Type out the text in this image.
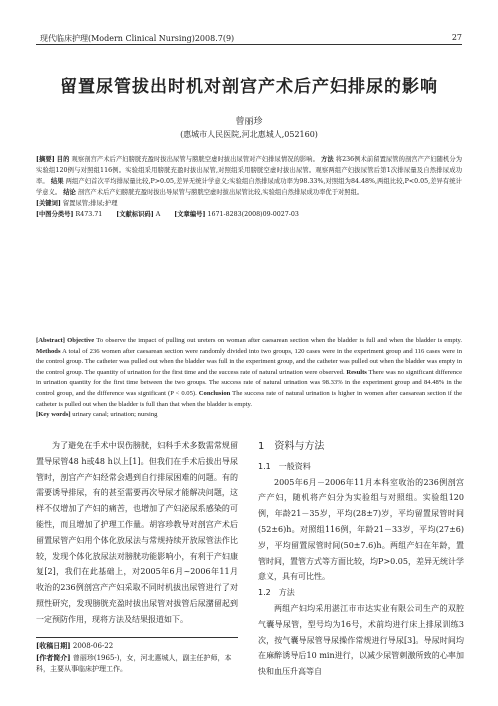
现代临床护理(Modern Clinical Nursing)2008.7(9)	27
留置尿管拔出时机对剖宫产术后产妇排尿的影响
曾丽珍
(惠城市人民医院,河北惠城人,052160)
[摘要] 目的 观察剖宫产术后产妇膀胱充盈时拔出尿管与膀胱空虚时拔出尿管对产妇排尿情况的影响。 方法 将236例术前留置尿管的剖宫产产妇随机分为实验组120例与对照组116例。实验组采用膀胱充盈时拔出尿管,对照组采用膀胱空虚时拔出尿管。观察两组产妇拔尿管后第1次排尿量及自然排尿成功率。 结果 两组产妇首次平均排尿量比较,P>0.05,差异无统计学意义;实验组自然排尿成功率为98.33%,对照组为84.48%,两组比较,P<0.05,差异有统计学意义。 结论 剖宫产术后产妇膀胱充盈时拔出导尿管与膀胱空虚时拔出尿管比较,实验组自然排尿成功率优于对照组。
[关键词] 留置尿管;排尿;护理
[中图分类号] R473.71 [文献标识码] A [文章编号] 1671-8283(2008)09-0027-03
[Abstract] Objective To observe the impact of pulling out ureters on woman after caesarean section when the bladder is full and when the bladder is empty. Methods A total of 236 women after caesarean section were randomly divided into two groups, 120 cases were in the experiment group and 116 cases were in the control group. The catheter was pulled out when the bladder was full in the experiment group, and the catheter was pulled out when the bladder was empty in the control group. The quantity of urination for the first time and the success rate of natural urination were observed. Results There was no significant difference in urination quantity for the first time between the two groups. The success rate of natural urination was 98.33% in the experiment group and 84.48% in the control group, and the difference was significant (P < 0.05). Conclusion The success rate of natural urination is higher in women after caesarean section if the catheter is pulled out when the bladder is full than that when the bladder is empty.
[Key words] urinary canal; urination; nursing

为了避免在手术中误伤膀胱，妇科手术多数需常规留置导尿管48 h或48 h以上[1]。但我们在手术后拔出导尿管时，剖宫产产妇经常会遇到自行排尿困难的问题。有的需要诱导排尿，有的甚至需要再次导尿才能解决问题，这样不仅增加了产妇的痛苦，也增加了产妇泌尿系感染的可能性，而且增加了护理工作量。胡容珍教导对剖宫产术后留置尿管产妇用个体化放尿法与常规持续开放尿管法作比较，发现个体化放尿法对膀胱功能影响小，有利于产妇康复[2]，我们在此基础上，对2005年6月~2006年11月收治的236例剖宫产产妇采取不同时机拔出尿管进行了对照性研究，发现膀胱充盈时拔出尿管对拔管后尿潴留起到一定预防作用，现将方法及结果报道如下。

[收稿日期] 2008-06-22
[作者简介] 曾丽珍(1965-)，女，河北惠城人，副主任护师，本科，主要从事临床护理工作。
1　资料与方法
1.1　一般资料

2005年6月－2006年11月本科室收治的236例剖宫产产妇，随机将产妇分为实验组与对照组。实验组120例，年龄21－35岁，平均(28±7)岁，平均留置尿管时间(52±6)h。对照组116例，年龄21－33岁，平均(27±6)岁，平均留置尿管时间(50±7.6)h。两组产妇在年龄，置管时间，置管方式等方面比较，均P>0.05，差异无统计学意义，具有可比性。

1.2　方法

两组产妇均采用湛江市市达实业有限公司生产的双腔气囊导尿管，型号均为16号，术前均进行床上排尿训练3次，按气囊导尿管导尿操作常规进行导尿[3]。导尿时间均在麻醉诱导后10 min进行，以减少尿管刺激所致的心率加快和血压升高等自
